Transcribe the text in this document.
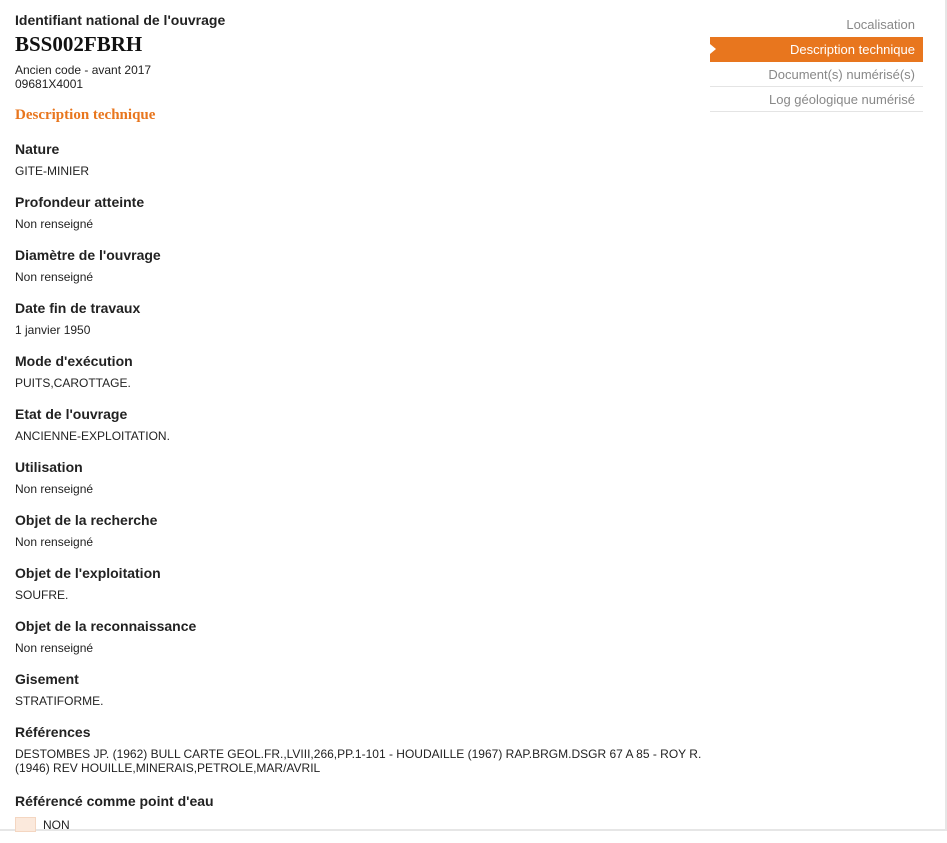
Identifiant national de l'ouvrage
BSS002FBRH
Ancien code - avant 2017
09681X4001
Description technique
Nature
GITE-MINIER
Profondeur atteinte
Non renseigné
Diamètre de l'ouvrage
Non renseigné
Date fin de travaux
1 janvier 1950
Mode d'exécution
PUITS,CAROTTAGE.
Etat de l'ouvrage
ANCIENNE-EXPLOITATION.
Utilisation
Non renseigné
Objet de la recherche
Non renseigné
Objet de l'exploitation
SOUFRE.
Objet de la reconnaissance
Non renseigné
Gisement
STRATIFORME.
Références
DESTOMBES JP. (1962) BULL CARTE GEOL.FR.,LVIII,266,PP.1-101 - HOUDAILLE (1967) RAP.BRGM.DSGR 67 A 85 - ROY R. (1946) REV HOUILLE,MINERAIS,PETROLE,MAR/AVRIL
Référencé comme point d'eau
NON
Localisation
Description technique
Document(s) numérisé(s)
Log géologique numérisé
